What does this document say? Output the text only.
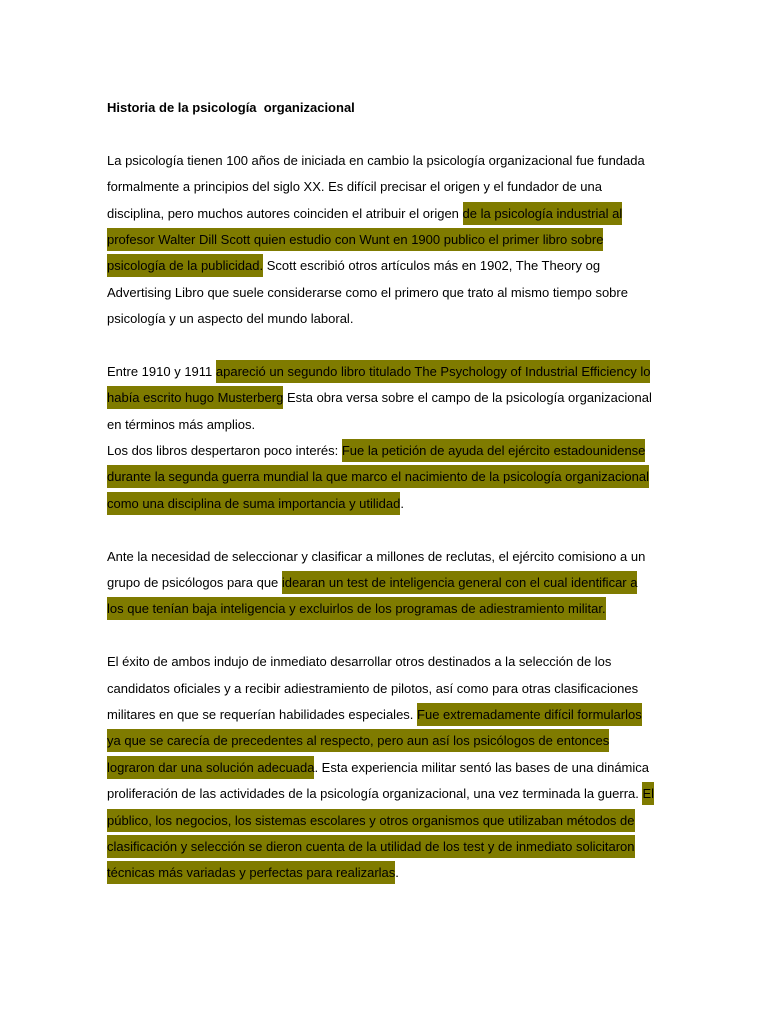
Historia de la psicología  organizacional
La psicología tienen 100 años de iniciada en cambio la psicología organizacional fue fundada
formalmente a principios del siglo XX. Es difícil precisar el origen y el fundador de una
disciplina, pero muchos autores coinciden el atribuir el origen de la psicología industrial al
profesor Walter Dill Scott quien estudio con Wunt en 1900 publico el primer libro sobre
psicología de la publicidad. Scott escribió otros artículos más en 1902, The Theory og
Advertising Libro que suele considerarse como el primero que trato al mismo tiempo sobre
psicología y un aspecto del mundo laboral.
Entre 1910 y 1911 apareció un segundo libro titulado The Psychology of Industrial Efficiency lo
había escrito hugo Musterberg Esta obra versa sobre el campo de la psicología organizacional
en términos más amplios.
Los dos libros despertaron poco interés: Fue la petición de ayuda del ejército estadounidense
durante la segunda guerra mundial la que marco el nacimiento de la psicología organizacional
como una disciplina de suma importancia y utilidad.
Ante la necesidad de seleccionar y clasificar a millones de reclutas, el ejército comisiono a un
grupo de psicólogos para que idearan un test de inteligencia general con el cual identificar a
los que tenían baja inteligencia y excluirlos de los programas de adiestramiento militar.
El éxito de ambos indujo de inmediato desarrollar otros destinados a la selección de los
candidatos oficiales y a recibir adiestramiento de pilotos, así como para otras clasificaciones
militares en que se requerían habilidades especiales. Fue extremadamente difícil formularlos
ya que se carecía de precedentes al respecto, pero aun así los psicólogos de entonces
lograron dar una solución adecuada. Esta experiencia militar sentó las bases de una dinámica
proliferación de las actividades de la psicología organizacional, una vez terminada la guerra. El
público, los negocios, los sistemas escolares y otros organismos que utilizaban métodos de
clasificación y selección se dieron cuenta de la utilidad de los test y de inmediato solicitaron
técnicas más variadas y perfectas para realizarlas.
